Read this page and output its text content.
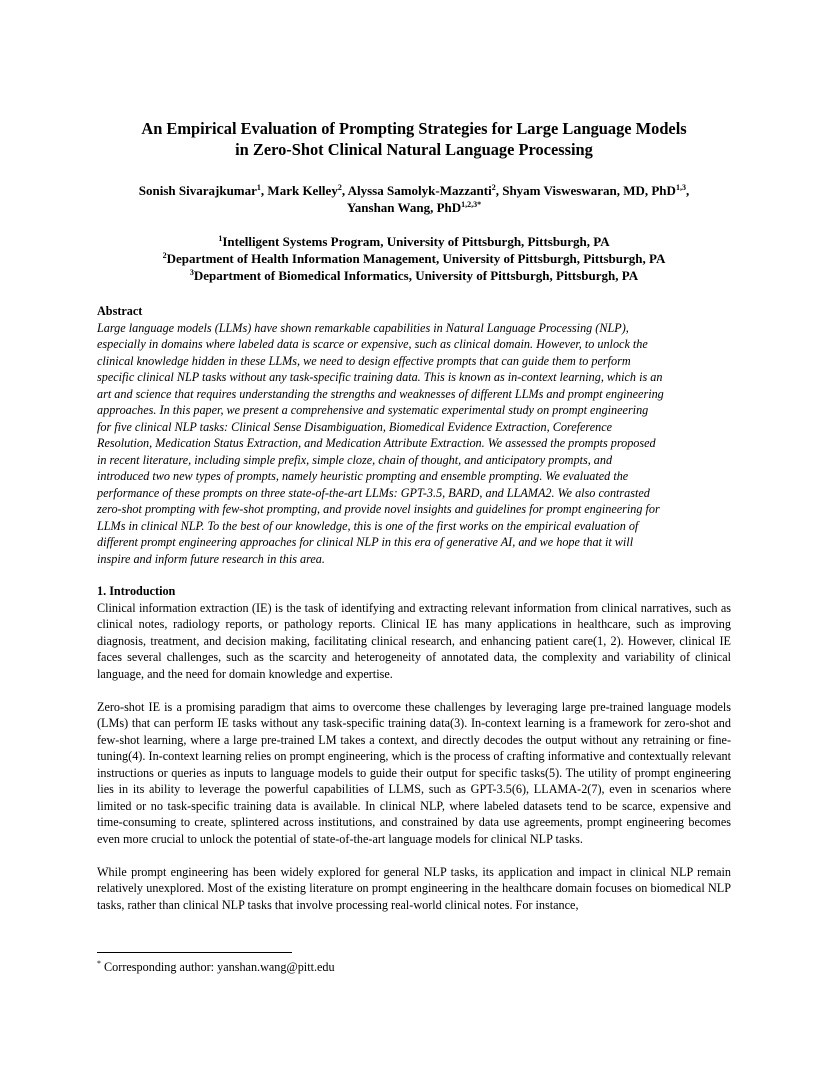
An Empirical Evaluation of Prompting Strategies for Large Language Models
in Zero-Shot Clinical Natural Language Processing
Sonish Sivarajkumar$^1$, Mark Kelley$^2$, Alyssa Samolyk-Mazzanti$^2$, Shyam Visweswaran, MD, PhD$^{1,3}$,
Yanshan Wang, PhD$^{1,2,3*}$
$^1$Intelligent Systems Program, University of Pittsburgh, Pittsburgh, PA
$^2$Department of Health Information Management, University of Pittsburgh, Pittsburgh, PA
$^3$Department of Biomedical Informatics, University of Pittsburgh, Pittsburgh, PA
Abstract
Large language models (LLMs) have shown remarkable capabilities in Natural Language Processing (NLP),
especially in domains where labeled data is scarce or expensive, such as clinical domain. However, to unlock the
clinical knowledge hidden in these LLMs, we need to design effective prompts that can guide them to perform
specific clinical NLP tasks without any task-specific training data. This is known as in-context learning, which is an
art and science that requires understanding the strengths and weaknesses of different LLMs and prompt engineering
approaches. In this paper, we present a comprehensive and systematic experimental study on prompt engineering
for five clinical NLP tasks: Clinical Sense Disambiguation, Biomedical Evidence Extraction, Coreference
Resolution, Medication Status Extraction, and Medication Attribute Extraction. We assessed the prompts proposed
in recent literature, including simple prefix, simple cloze, chain of thought, and anticipatory prompts, and
introduced two new types of prompts, namely heuristic prompting and ensemble prompting. We evaluated the
performance of these prompts on three state-of-the-art LLMs: GPT-3.5, BARD, and LLAMA2. We also contrasted
zero-shot prompting with few-shot prompting, and provide novel insights and guidelines for prompt engineering for
LLMs in clinical NLP. To the best of our knowledge, this is one of the first works on the empirical evaluation of
different prompt engineering approaches for clinical NLP in this era of generative AI, and we hope that it will
inspire and inform future research in this area.
1. Introduction

Clinical information extraction (IE) is the task of identifying and extracting relevant information from clinical narratives, such as clinical notes, radiology reports, or pathology reports. Clinical IE has many applications in healthcare, such as improving diagnosis, treatment, and decision making, facilitating clinical research, and enhancing patient care(1, 2). However, clinical IE faces several challenges, such as the scarcity and heterogeneity of annotated data, the complexity and variability of clinical language, and the need for domain knowledge and expertise.

Zero-shot IE is a promising paradigm that aims to overcome these challenges by leveraging large pre-trained language models (LMs) that can perform IE tasks without any task-specific training data(3). In-context learning is a framework for zero-shot and few-shot learning, where a large pre-trained LM takes a context, and directly decodes the output without any retraining or fine-tuning(4). In-context learning relies on prompt engineering, which is the process of crafting informative and contextually relevant instructions or queries as inputs to language models to guide their output for specific tasks(5). The utility of prompt engineering lies in its ability to leverage the powerful capabilities of LLMS, such as GPT-3.5(6), LLAMA-2(7), even in scenarios where limited or no task-specific training data is available. In clinical NLP, where labeled datasets tend to be scarce, expensive and time-consuming to create, splintered across institutions, and constrained by data use agreements, prompt engineering becomes even more crucial to unlock the potential of state-of-the-art language models for clinical NLP tasks.

While prompt engineering has been widely explored for general NLP tasks, its application and impact in clinical NLP remain relatively unexplored. Most of the existing literature on prompt engineering in the healthcare domain focuses on biomedical NLP tasks, rather than clinical NLP tasks that involve processing real-world clinical notes. For instance,

* Corresponding author: yanshan.wang@pitt.edu
